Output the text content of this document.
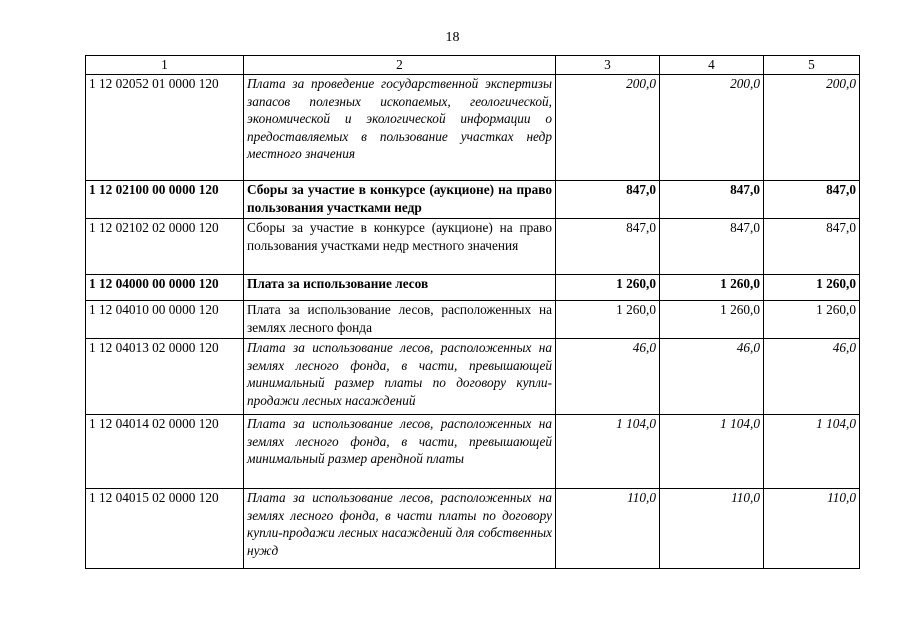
18
1	2	3	4	5
1 12 02052 01 0000 120	Плата за проведение государственной экспертизы запасов полезных ископаемых, геологической, экономической и экологической информации о предоставляемых в пользование участках недр местного значения	200,0	200,0	200,0
1 12 02100 00 0000 120	Сборы за участие в конкурсе (аукционе) на право пользования участками недр	847,0	847,0	847,0
1 12 02102 02 0000 120	Сборы за участие в конкурсе (аукционе) на право пользования участками недр местного значения	847,0	847,0	847,0
1 12 04000 00 0000 120	Плата за использование лесов	1 260,0	1 260,0	1 260,0
1 12 04010 00 0000 120	Плата за использование лесов, расположенных на землях лесного фонда	1 260,0	1 260,0	1 260,0
1 12 04013 02 0000 120	Плата за использование лесов, расположенных на землях лесного фонда, в части, превышающей минимальный размер платы по договору купли-продажи лесных насаждений	46,0	46,0	46,0
1 12 04014 02 0000 120	Плата за использование лесов, расположенных на землях лесного фонда, в части, превышающей минимальный размер арендной платы	1 104,0	1 104,0	1 104,0
1 12 04015 02 0000 120	Плата за использование лесов, расположенных на землях лесного фонда, в части платы по договору купли-продажи лесных насаждений для собственных нужд	110,0	110,0	110,0
